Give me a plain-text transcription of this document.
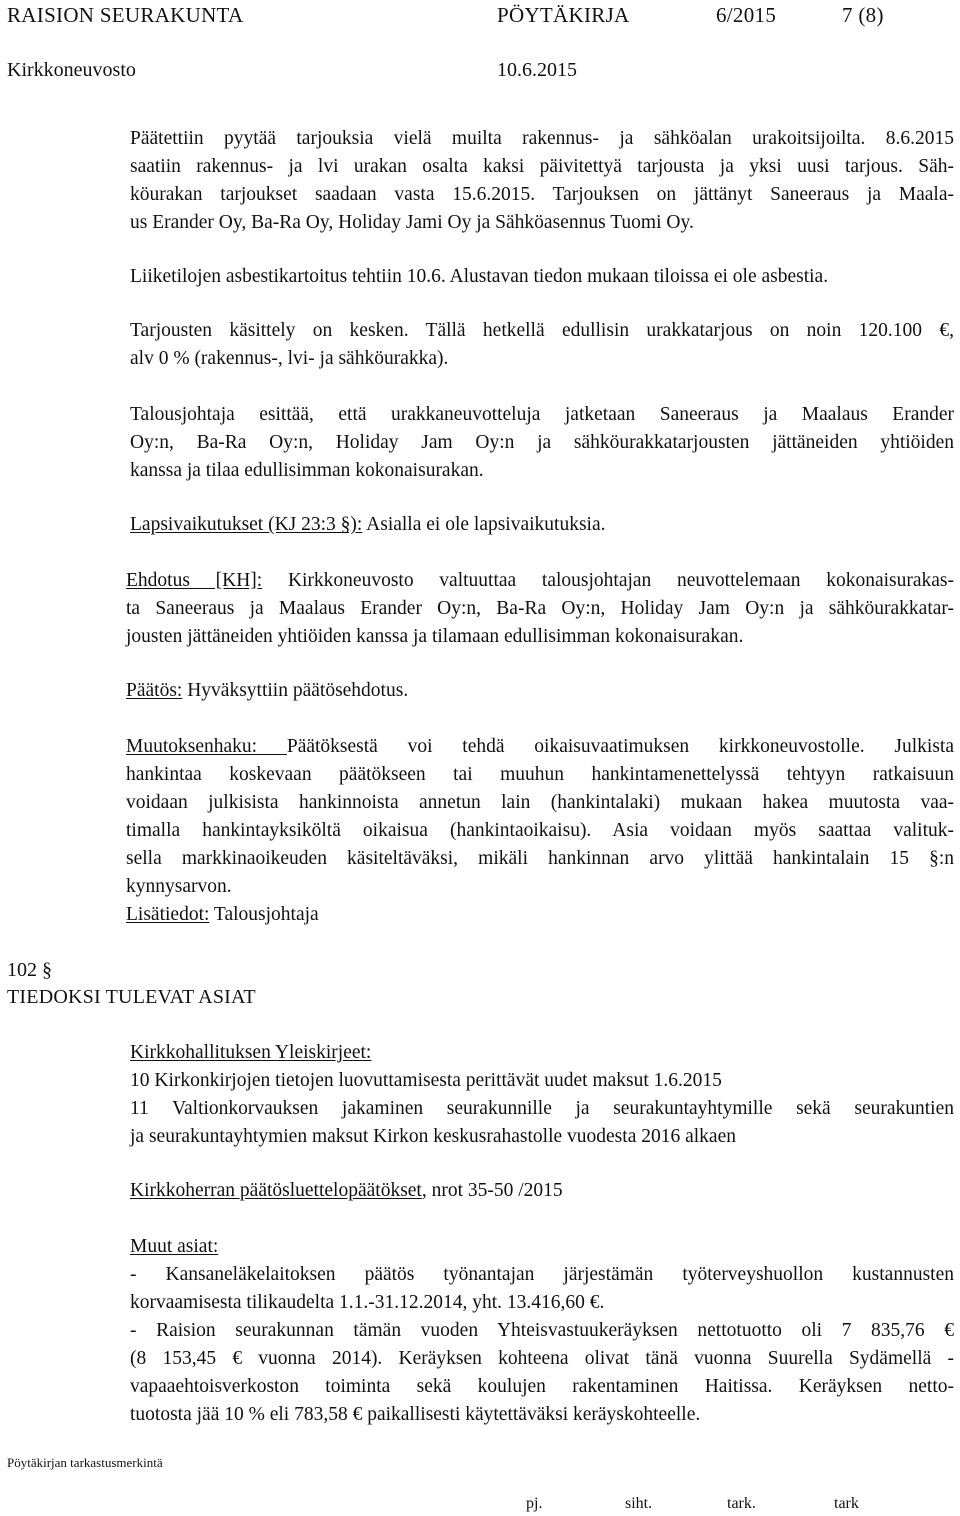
RAISION SEURAKUNTA	PÖYTÄKIRJA	6/2015	7 (8)
Kirkkoneuvosto	10.6.2015
Päätettiin pyytää tarjouksia vielä muilta rakennus- ja sähköalan urakoitsijoilta. 8.6.2015
saatiin rakennus- ja lvi urakan osalta kaksi päivitettyä tarjousta ja yksi uusi tarjous. Säh-
köurakan tarjoukset saadaan vasta 15.6.2015. Tarjouksen on jättänyt Saneeraus ja Maala-
us Erander Oy, Ba-Ra Oy, Holiday Jami Oy ja Sähköasennus Tuomi Oy.
Liiketilojen asbestikartoitus tehtiin 10.6. Alustavan tiedon mukaan tiloissa ei ole asbestia.
Tarjousten käsittely on kesken. Tällä hetkellä edullisin urakkatarjous on noin 120.100 €,
alv 0 % (rakennus-, lvi- ja sähköurakka).
Talousjohtaja esittää, että urakkaneuvotteluja jatketaan Saneeraus ja Maalaus Erander
Oy:n, Ba-Ra Oy:n, Holiday Jam Oy:n ja sähköurakkatarjousten jättäneiden yhtiöiden
kanssa ja tilaa edullisimman kokonaisurakan.
Lapsivaikutukset (KJ 23:3 §): Asialla ei ole lapsivaikutuksia.
Ehdotus [KH]: Kirkkoneuvosto valtuuttaa talousjohtajan neuvottelemaan kokonaisurakas-
ta Saneeraus ja Maalaus Erander Oy:n, Ba-Ra Oy:n, Holiday Jam Oy:n ja sähköurakkatar-
jousten jättäneiden yhtiöiden kanssa ja tilamaan edullisimman kokonaisurakan.
Päätös: Hyväksyttiin päätösehdotus.
Muutoksenhaku: Päätöksestä voi tehdä oikaisuvaatimuksen kirkkoneuvostolle. Julkista
hankintaa koskevaan päätökseen tai muuhun hankintamenettelyssä tehtyyn ratkaisuun
voidaan julkisista hankinnoista annetun lain (hankintalaki) mukaan hakea muutosta vaa-
timalla hankintayksiköltä oikaisua (hankintaoikaisu). Asia voidaan myös saattaa valituk-
sella markkinaoikeuden käsiteltäväksi, mikäli hankinnan arvo ylittää hankintalain 15 §:n
kynnysarvon.
Lisätiedot: Talousjohtaja
102 §
TIEDOKSI TULEVAT ASIAT
Kirkkohallituksen Yleiskirjeet:
10 Kirkonkirjojen tietojen luovuttamisesta perittävät uudet maksut 1.6.2015
11 Valtionkorvauksen jakaminen seurakunnille ja seurakuntayhtymille sekä seurakuntien
ja seurakuntayhtymien maksut Kirkon keskusrahastolle vuodesta 2016 alkaen
Kirkkoherran päätösluettelopäätökset, nrot 35-50 /2015
Muut asiat:
- Kansaneläkelaitoksen päätös työnantajan järjestämän työterveyshuollon kustannusten
korvaamisesta tilikaudelta 1.1.-31.12.2014, yht. 13.416,60 €.
- Raision seurakunnan tämän vuoden Yhteisvastuukeräyksen nettotuotto oli 7 835,76 €
(8 153,45 € vuonna 2014). Keräyksen kohteena olivat tänä vuonna Suurella Sydämellä -
vapaaehtoisverkoston toiminta sekä koulujen rakentaminen Haitissa. Keräyksen netto-
tuotosta jää 10 % eli 783,58 € paikallisesti käytettäväksi keräyskohteelle.
Pöytäkirjan tarkastusmerkintä
pj.	siht.	tark.	tark
